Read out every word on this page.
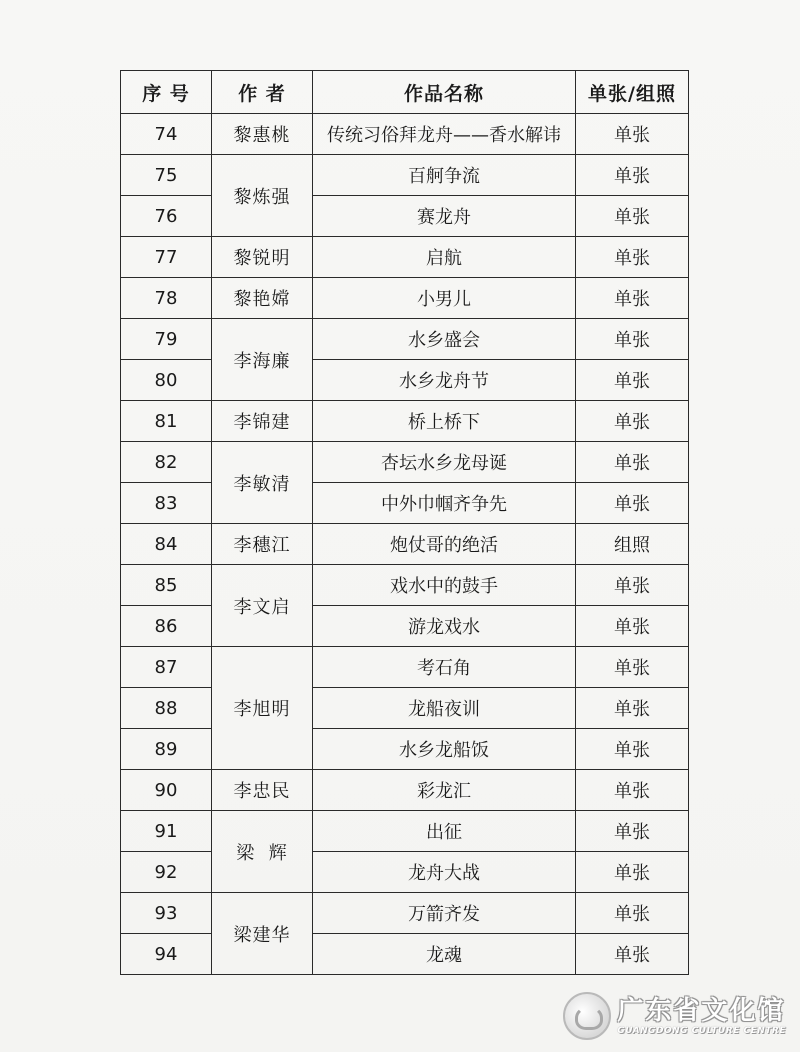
序 号	作 者	作品名称	单张/组照
74	黎惠桃	传统习俗拜龙舟——香水解讳	单张
75	黎炼强	百舸争流	单张
76		赛龙舟	单张
77	黎锐明	启航	单张
78	黎艳嫦	小男儿	单张
79	李海廉	水乡盛会	单张
80		水乡龙舟节	单张
81	李锦建	桥上桥下	单张
82	李敏清	杏坛水乡龙母诞	单张
83		中外巾帼齐争先	单张
84	李穗江	炮仗哥的绝活	组照
85	李文启	戏水中的鼓手	单张
86		游龙戏水	单张
87	李旭明	考石角	单张
88		龙船夜训	单张
89		水乡龙船饭	单张
90	李忠民	彩龙汇	单张
91	梁  辉	出征	单张
92		龙舟大战	单张
93	梁建华	万箭齐发	单张
94		龙魂	单张
广东省文化馆
GUANGDONG CULTURE CENTRE
